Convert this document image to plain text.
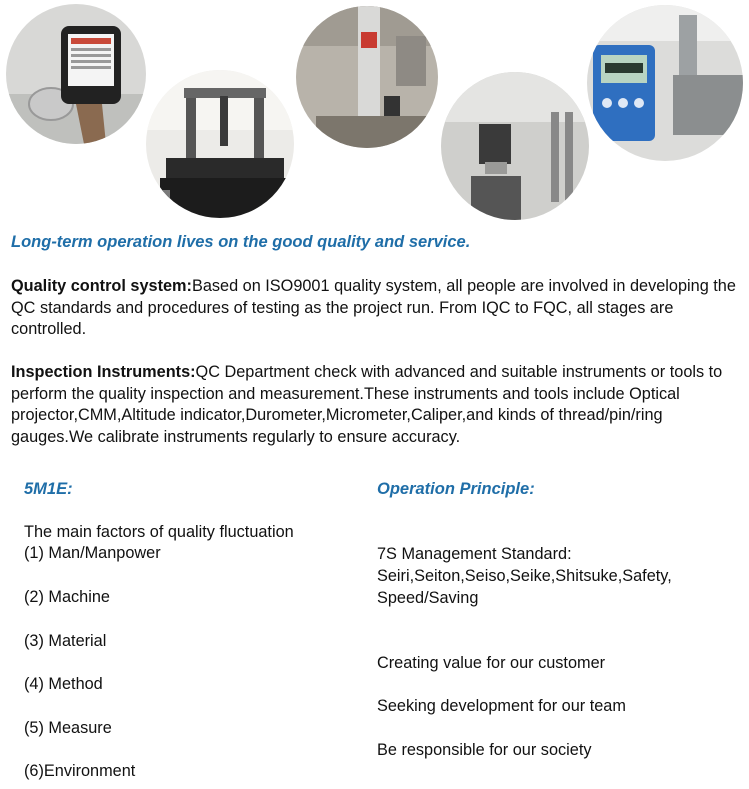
Long-term operation lives on the good quality and service.

Quality control system:Based on ISO9001 quality system, all people are involved in developing the QC standards and procedures of testing as the project run. From IQC to FQC, all stages are controlled.

Inspection Instruments:QC Department check with advanced and suitable instruments or tools to perform the quality inspection and measurement.These instruments and tools include Optical projector,CMM,Altitude indicator,Durometer,Micrometer,Caliper,and kinds of thread/pin/ring gauges.We calibrate instruments regularly to ensure accuracy.

5M1E:	Operation Principle:

The main factors of quality fluctuation

(1) Man/Manpower

(2) Machine

(3) Material

(4) Method

(5) Measure

(6)Environment

7S Management Standard:

Seiri,Seiton,Seiso,Seike,Shitsuke,Safety,

Speed/Saving

Creating value for our customer

Seeking development for our team

Be responsible for our society
